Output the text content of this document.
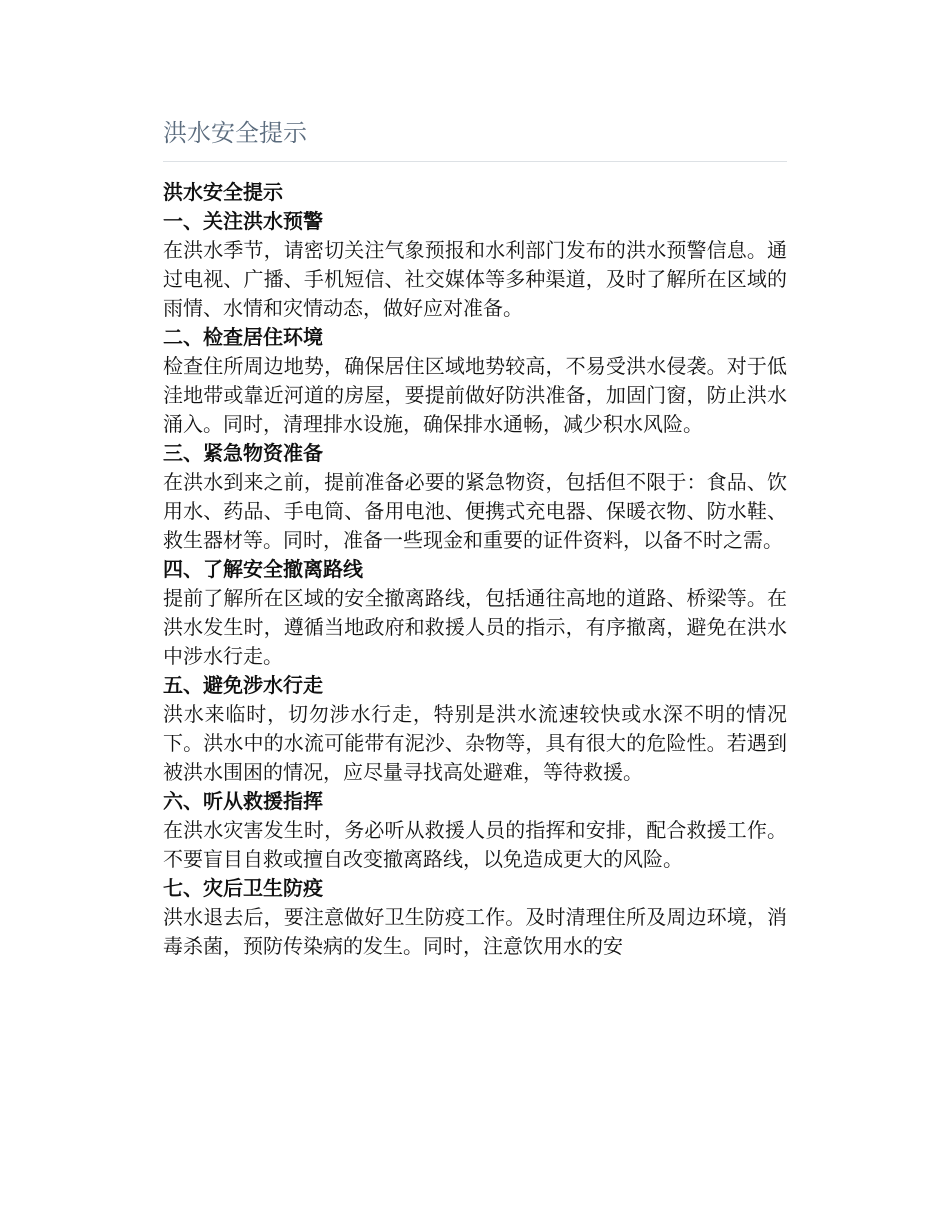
洪水安全提示

洪水安全提示

一、关注洪水预警

在洪水季节，请密切关注气象预报和水利部门发布的洪水预警信息。通过电视、广播、手机短信、社交媒体等多种渠道，及时了解所在区域的雨情、水情和灾情动态，做好应对准备。

二、检查居住环境

检查住所周边地势，确保居住区域地势较高，不易受洪水侵袭。对于低洼地带或靠近河道的房屋，要提前做好防洪准备，加固门窗，防止洪水涌入。同时，清理排水设施，确保排水通畅，减少积水风险。

三、紧急物资准备

在洪水到来之前，提前准备必要的紧急物资，包括但不限于：食品、饮用水、药品、手电筒、备用电池、便携式充电器、保暖衣物、防水鞋、救生器材等。同时，准备一些现金和重要的证件资料，以备不时之需。

四、了解安全撤离路线

提前了解所在区域的安全撤离路线，包括通往高地的道路、桥梁等。在洪水发生时，遵循当地政府和救援人员的指示，有序撤离，避免在洪水中涉水行走。

五、避免涉水行走

洪水来临时，切勿涉水行走，特别是洪水流速较快或水深不明的情况下。洪水中的水流可能带有泥沙、杂物等，具有很大的危险性。若遇到被洪水围困的情况，应尽量寻找高处避难，等待救援。

六、听从救援指挥

在洪水灾害发生时，务必听从救援人员的指挥和安排，配合救援工作。不要盲目自救或擅自改变撤离路线，以免造成更大的风险。

七、灾后卫生防疫

洪水退去后，要注意做好卫生防疫工作。及时清理住所及周边环境，消毒杀菌，预防传染病的发生。同时，注意饮用水的安
